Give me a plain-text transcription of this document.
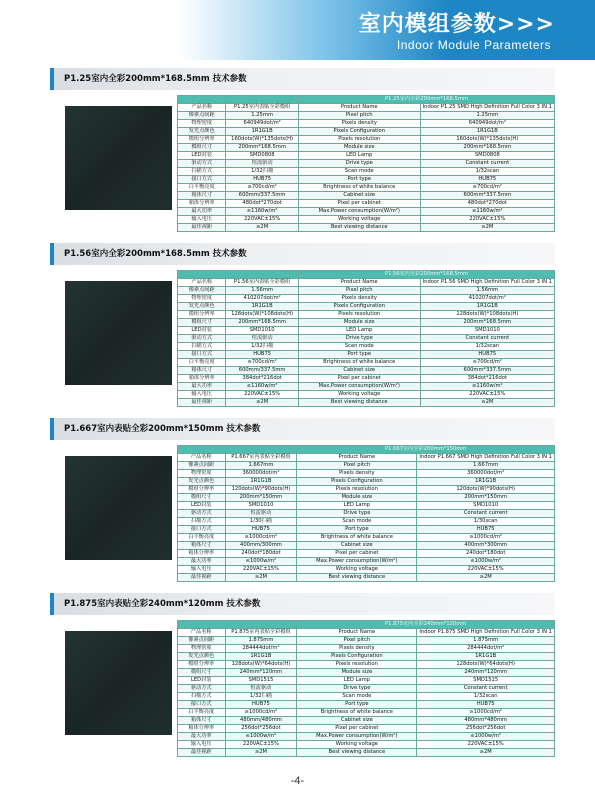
室内模组参数>>>
Indoor Module Parameters
P1.25室内全彩200mm*168.5mm 技术参数
		P1.25室内全彩200mm*168.5mm	
产品名称	P1.25室内表贴全彩模组	Product Name	Indoor P1.25 SMD High Definition Full Color 3 IN 1
像素点间距	1.25mm	Pixel pitch	1.25mm
物理密度	640949dot/m²	Pixels density	640949dot/m²
发光点颜色	1R1G1B	Pixels Configuration	1R1G1B
模组分辨率	160dots(W)*135dots(H)	Pixels resolution	160dots(W)*135dots(H)
模组尺寸	200mm*168.5mm	Module size	200mm*168.5mm
LED封装	SMD0808	LED Lamp	SMD0808
驱动方式	恒流驱动	Drive type	Constant current
扫描方式	1/32扫描	Scan mode	1/32scan
接口方式	HUB75	Port type	HUB75
白平衡亮度	≥700cd/m²	Brightness of white balance	≥700cd/m²
箱体尺寸	600mm/337.5mm	Cabinet size	600mm*337.5mm
箱体分辨率	480dot*270dot	Pixel per cabinet	480dot*270dot
最大功率	≤1160w/m²	Max.Power consumption(W/m²)	≤1160w/m²
输入电压	220VAC±15%	Working voltage	220VAC±15%
最佳视距	≥2M	Best viewing distance	≥2M
P1.56室内全彩200mm*168.5mm 技术参数
		P1.56室内全彩200mm*168.5mm	
产品名称	P1.56室内表贴全彩模组	Product Name	Indoor P1.56 SMD High Definition Full Color 3 IN 1
像素点间距	1.56mm	Pixel pitch	1.56mm
物理密度	410207dot/m²	Pixels density	410207dot/m²
发光点颜色	1R1G1B	Pixels Configuration	1R1G1B
模组分辨率	128dots(W)*108dots(H)	Pixels resolution	128dots(W)*108dots(H)
模组尺寸	200mm*168.5mm	Module size	200mm*168.5mm
LED封装	SMD1010	LED Lamp	SMD1010
驱动方式	恒流驱动	Drive type	Constant current
扫描方式	1/32扫描	Scan mode	1/32scan
接口方式	HUB75	Port type	HUB75
白平衡亮度	≥700cd/m²	Brightness of white balance	≥700cd/m²
箱体尺寸	600mm/337.5mm	Cabinet size	600mm*337.5mm
箱体分辨率	384dot*216dot	Pixel per cabinet	384dot*216dot
最大功率	≤1160w/m²	Max.Power consumption(W/m²)	≤1160w/m²
输入电压	220VAC±15%	Working voltage	220VAC±15%
最佳视距	≥2M	Best viewing distance	≥2M
P1.667室内表贴全彩200mm*150mm 技术参数
		P1.667室内全彩200mm*150mm	
产品名称	P1.667室内表贴全彩模组	Product Name	Indoor P1.667 SMD High Definition Full Color 3 IN 1
像素点间距	1.667mm	Pixel pitch	1.667mm
物理密度	360000dot/m²	Pixels density	360000dot/m²
发光点颜色	1R1G1B	Pixels Configuration	1R1G1B
模组分辨率	120dots(W)*90dots(H)	Pixels resolution	120dots(W)*90dots(H)
模组尺寸	200mm*150mm	Module size	200mm*150mm
LED封装	SMD1010	LED Lamp	SMD1010
驱动方式	恒流驱动	Drive type	Constant current
扫描方式	1/30扫描	Scan mode	1/30scan
接口方式	HUB75	Port type	HUB75
白平衡亮度	≥1000cd/m²	Brightness of white balance	≥1000cd/m²
箱体尺寸	400mm/300mm	Cabinet size	400mm*300mm
箱体分辨率	240dot*180dot	Pixel per cabinet	240dot*180dot
最大功率	≤1000w/m²	Max.Power consumption(W/m²)	≤1000w/m²
输入电压	220VAC±15%	Working voltage	220VAC±15%
最佳视距	≥2M	Best viewing distance	≥2M
P1.875室内表贴全彩240mm*120mm 技术参数
		P1.875室内全彩240mm*120mm	
产品名称	P1.875室内表贴全彩模组	Product Name	Indoor P1.875 SMD High Definition Full Color 3 IN 1
像素点间距	1.875mm	Pixel pitch	1.875mm
物理密度	284444dot/m²	Pixels density	284444dot/m²
发光点颜色	1R1G1B	Pixels Configuration	1R1G1B
模组分辨率	128dots(W)*64dots(H)	Pixels resolution	128dots(W)*64dots(H)
模组尺寸	240mm*120mm	Module size	240mm*120mm
LED封装	SMD1515	LED Lamp	SMD1515
驱动方式	恒流驱动	Drive type	Constant current
扫描方式	1/32扫描	Scan mode	1/32scan
接口方式	HUB75	Port type	HUB75
白平衡亮度	≥1000cd/m²	Brightness of white balance	≥1000cd/m²
箱体尺寸	480mm/480mm	Cabinet size	480mm*480mm
箱体分辨率	256dot*256dot	Pixel per cabinet	256dot*256dot
最大功率	≤1000w/m²	Max.Power consumption(W/m²)	≤1000w/m²
输入电压	220VAC±15%	Working voltage	220VAC±15%
最佳视距	≥2M	Best viewing distance	≥2M
-4-
